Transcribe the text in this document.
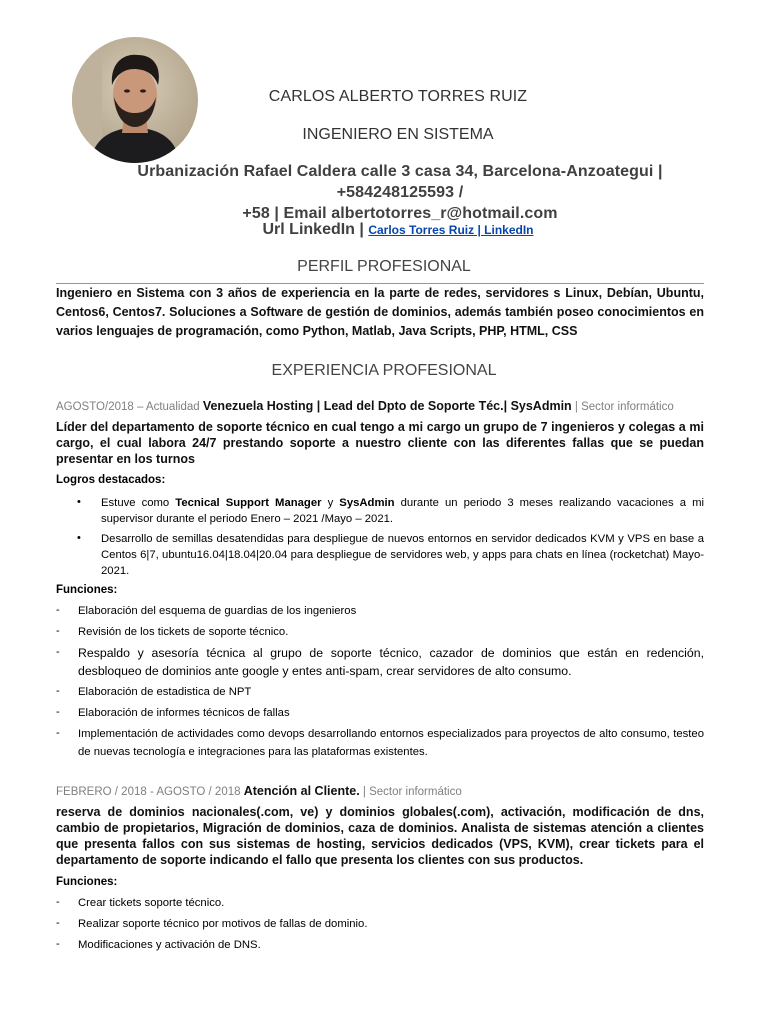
CARLOS ALBERTO TORRES RUIZ
INGENIERO EN SISTEMA
Urbanización Rafael Caldera calle 3 casa 34, Barcelona-Anzoategui | +584248125593 /
+58 | Email albertotorres_r@hotmail.com
Url LinkedIn | Carlos Torres Ruiz | LinkedIn
PERFIL PROFESIONAL
Ingeniero en Sistema con 3 años de experiencia en la parte de redes, servidores s Linux, Debían, Ubuntu, Centos6, Centos7. Soluciones a Software de gestión de dominios, además también poseo conocimientos en varios lenguajes de programación, como Python, Matlab, Java Scripts, PHP, HTML, CSS
EXPERIENCIA PROFESIONAL
AGOSTO/2018 – Actualidad Venezuela Hosting | Lead del Dpto de Soporte Téc.| SysAdmin | Sector informático
Líder del departamento de soporte técnico en cual tengo a mi cargo un grupo de 7 ingenieros y colegas a mi cargo, el cual labora 24/7 prestando soporte a nuestro cliente con las diferentes fallas que se puedan presentar en los turnos
Logros destacados:
• Estuve como Tecnical Support Manager y SysAdmin durante un periodo 3 meses realizando vacaciones a mi supervisor durante el periodo Enero – 2021 /Mayo – 2021.
• Desarrollo de semillas desatendidas para despliegue de nuevos entornos en servidor dedicados KVM y VPS en base a Centos 6|7, ubuntu16.04|18.04|20.04 para despliegue de servidores web, y apps para chats en línea (rocketchat) Mayo-2021.
Funciones:
- Elaboración del esquema de guardias de los ingenieros
- Revisión de los tickets de soporte técnico.
- Respaldo y asesoría técnica al grupo de soporte técnico, cazador de dominios que están en redención, desbloqueo de dominios ante google y entes anti-spam, crear servidores de alto consumo.
- Elaboración de estadistica de NPT
- Elaboración de informes técnicos de fallas
- Implementación de actividades como devops desarrollando entornos especializados para proyectos de alto consumo, testeo de nuevas tecnología e integraciones para las plataformas existentes.
FEBRERO / 2018 - AGOSTO / 2018 Atención al Cliente. | Sector informático
reserva de dominios nacionales(.com, ve) y dominios globales(.com), activación, modificación de dns, cambio de propietarios, Migración de dominios, caza de dominios. Analista de sistemas atención a clientes que presenta fallos con sus sistemas de hosting, servicios dedicados (VPS, KVM), crear tickets para el departamento de soporte indicando el fallo que presenta los clientes con sus productos.
Funciones:
- Crear tickets soporte técnico.
- Realizar soporte técnico por motivos de fallas de dominio.
- Modificaciones y activación de DNS.
